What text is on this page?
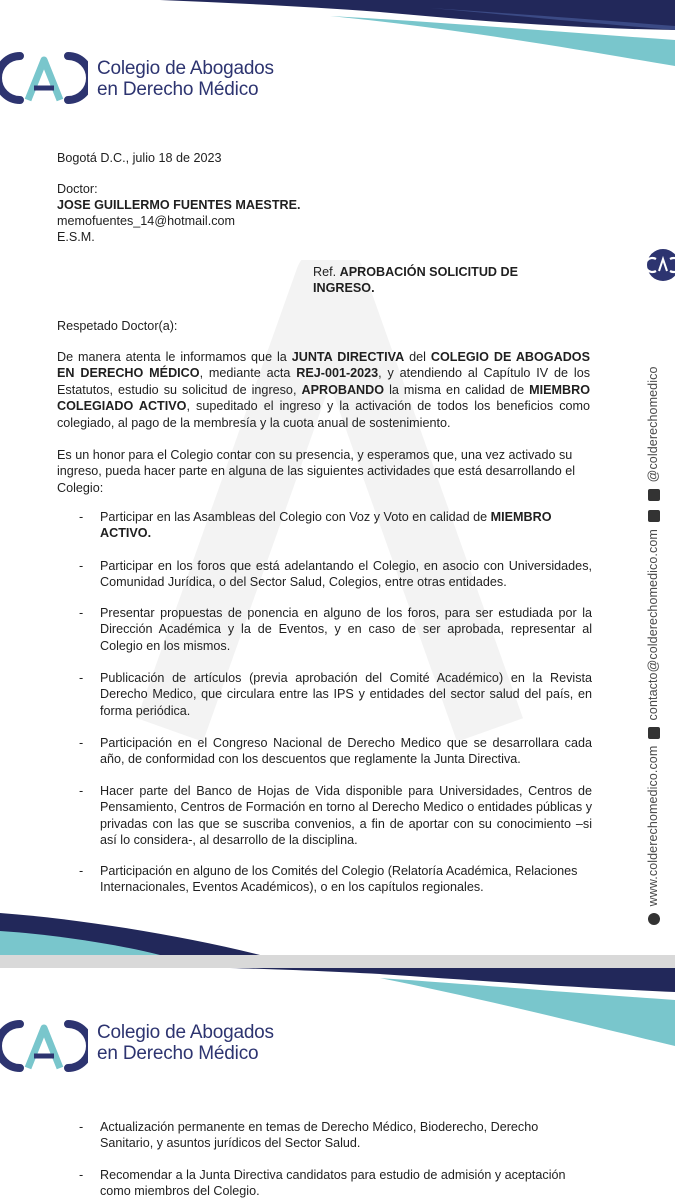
Colegio de Abogados
en Derecho Médico

Bogotá D.C., julio 18 de 2023

Doctor:

JOSE GUILLERMO FUENTES MAESTRE.

memofuentes_14@hotmail.com

E.S.M.

Ref. APROBACIÓN SOLICITUD DE
INGRESO.

Respetado Doctor(a):

De manera atenta le informamos que la JUNTA DIRECTIVA del COLEGIO DE ABOGADOS EN DERECHO MÉDICO, mediante acta REJ-001-2023, y atendiendo al Capítulo IV de los Estatutos, estudio su solicitud de ingreso, APROBANDO la misma en calidad de MIEMBRO COLEGIADO ACTIVO, supeditado el ingreso y la activación de todos los beneficios como colegiado, al pago de la membresía y la cuota anual de sostenimiento.

Es un honor para el Colegio contar con su presencia, y esperamos que, una vez activado su ingreso, pueda hacer parte en alguna de las siguientes actividades que está desarrollando el Colegio:

- Participar en las Asambleas del Colegio con Voz y Voto en calidad de MIEMBRO ACTIVO.

- Participar en los foros que está adelantando el Colegio, en asocio con Universidades, Comunidad Jurídica, o del Sector Salud, Colegios, entre otras entidades.

- Presentar propuestas de ponencia en alguno de los foros, para ser estudiada por la Dirección Académica y la de Eventos, y en caso de ser aprobada, representar al Colegio en los mismos.

- Publicación de artículos (previa aprobación del Comité Académico) en la Revista Derecho Medico, que circulara entre las IPS y entidades del sector salud del país, en forma periódica.

- Participación en el Congreso Nacional de Derecho Medico que se desarrollara cada año, de conformidad con los descuentos que reglamente la Junta Directiva.

- Hacer parte del Banco de Hojas de Vida disponible para Universidades, Centros de Pensamiento, Centros de Formación en torno al Derecho Medico o entidades públicas y privadas con las que se suscriba convenios, a fin de aportar con su conocimiento –si así lo considera-, al desarrollo de la disciplina.

- Participación en alguno de los Comités del Colegio (Relatoría Académica, Relaciones Internacionales, Eventos Académicos), o en los capítulos regionales.	www.colderechomedico.com  contacto@colderechomedico.com   @colderechomedico
Colegio de Abogados
en Derecho Médico
- Actualización permanente en temas de Derecho Médico, Bioderecho, Derecho Sanitario, y asuntos jurídicos del Sector Salud.

- Recomendar a la Junta Directiva candidatos para estudio de admisión y aceptación como miembros del Colegio.
